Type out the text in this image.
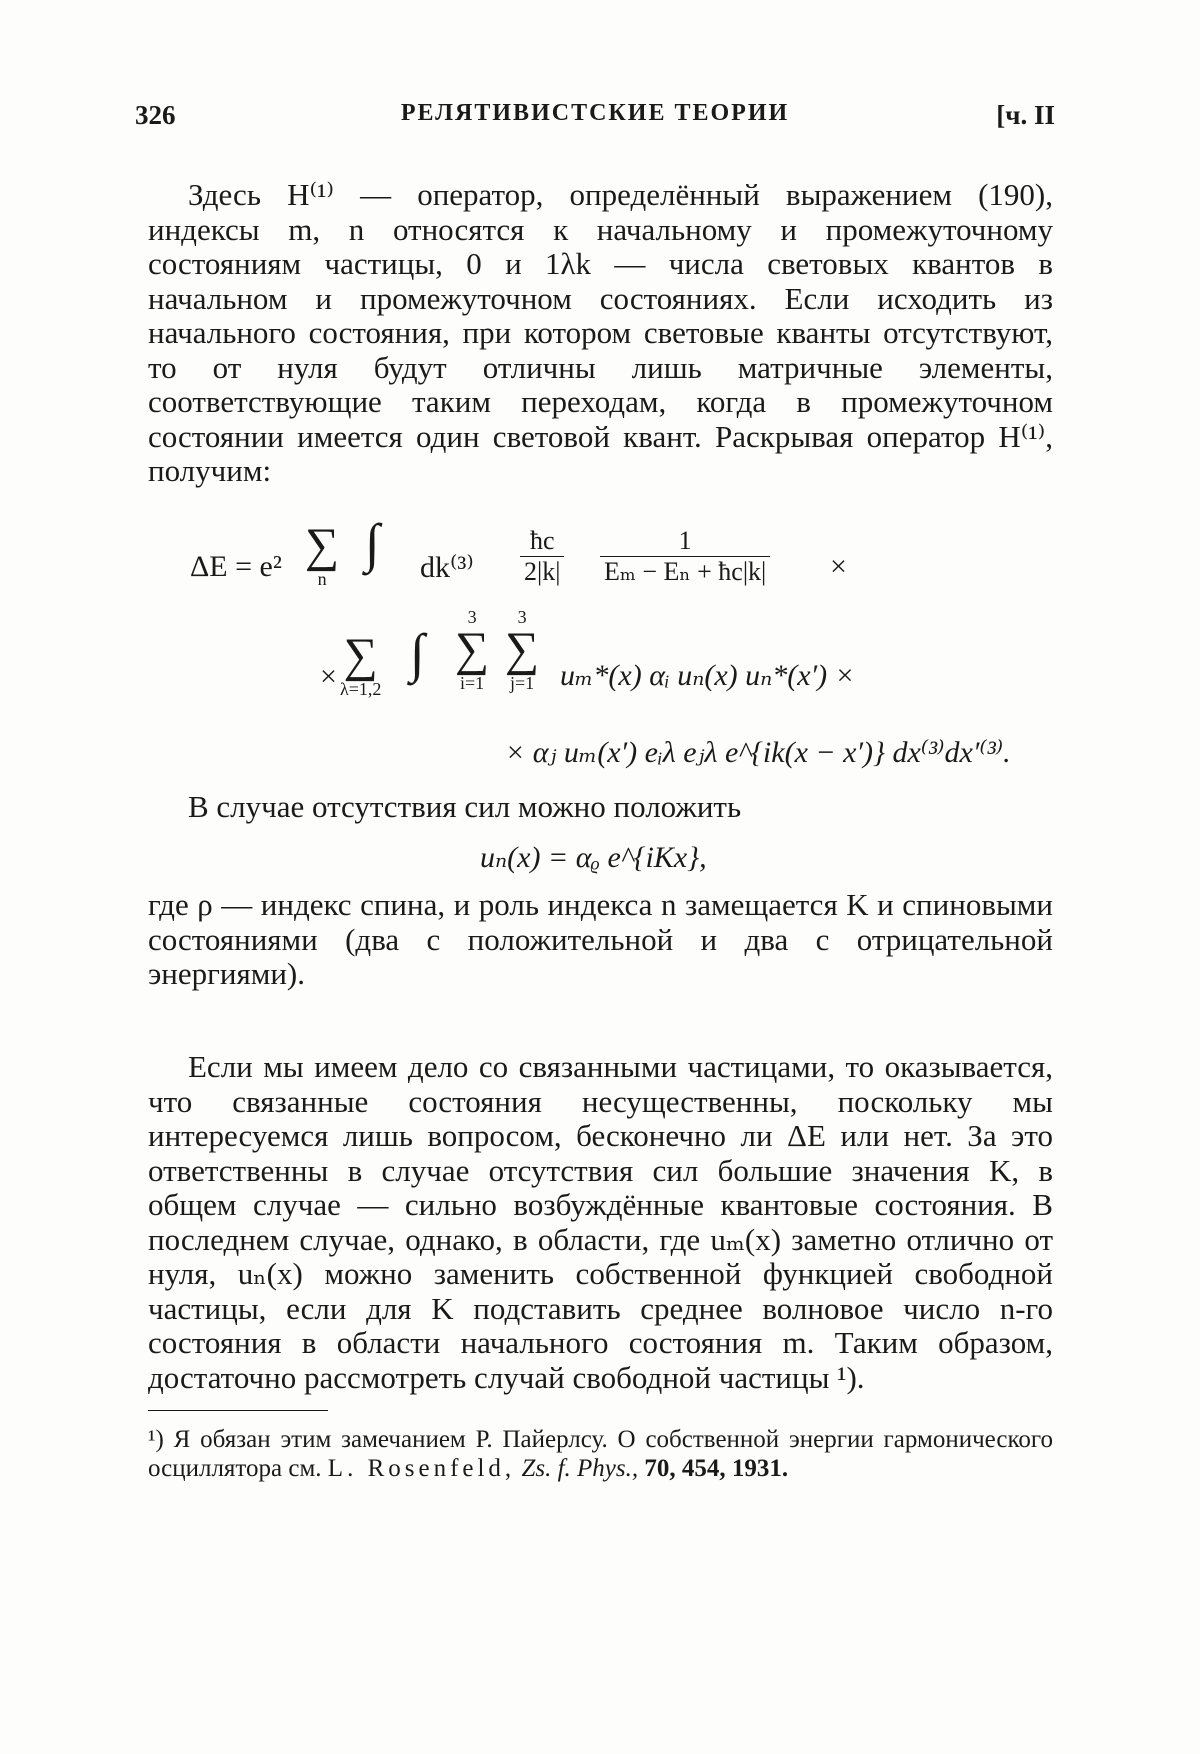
326	РЕЛЯТИВИСТСКИЕ ТЕОРИИ	[ч. II

Здесь H⁽¹⁾ — оператор, определённый выражением (190), индексы m, n относятся к начальному и промежуточному состояниям частицы, 0 и 1λk — числа световых квантов в начальном и промежуточном состояниях. Если исходить из начального состояния, при котором световые кванты отсутствуют, то от нуля будут отличны лишь матричные элементы, соответствующие таким переходам, когда в промежуточном состоянии имеется один световой квант. Раскрывая оператор H⁽¹⁾, получим:

ΔE = e² ∑
n
∫ $dk^{(3)} \frac{ħc}{2|k|} \frac{1}{\text{Eₘ − Eₙ + ħc|k|}}$ ×
× ∑
λ=1,2
∫
3
∑
i=1
3
∑
j=1 uₘ*(x) αᵢ uₙ(x) uₙ*(x′) ×
× αⱼ uₘ(x′) eᵢλ eⱼλ e^{ik(x − x′)} dx⁽³⁾dx′⁽³⁾.

В случае отсутствия сил можно положить

uₙ(x) = αᵨ e^{iKx},

где ρ — индекс спина, и роль индекса n замещается K и спиновыми состояниями (два с положительной и два с отрицательной энергиями).

Если мы имеем дело со связанными частицами, то оказывается, что связанные состояния несущественны, поскольку мы интересуемся лишь вопросом, бесконечно ли ΔE или нет. За это ответственны в случае отсутствия сил большие значения K, в общем случае — сильно возбуждённые квантовые состояния. В последнем случае, однако, в области, где uₘ(x) заметно отлично от нуля, uₙ(x) можно заменить собственной функцией свободной частицы, если для K подставить среднее волновое число n-го состояния в области начального состояния m. Таким образом, достаточно рассмотреть случай свободной частицы ¹).

¹) Я обязан этим замечанием Р. Пайерлсу. О собственной энергии гармонического осциллятора см. L. Rosenfeld, Zs. f. Phys., 70, 454, 1931.
